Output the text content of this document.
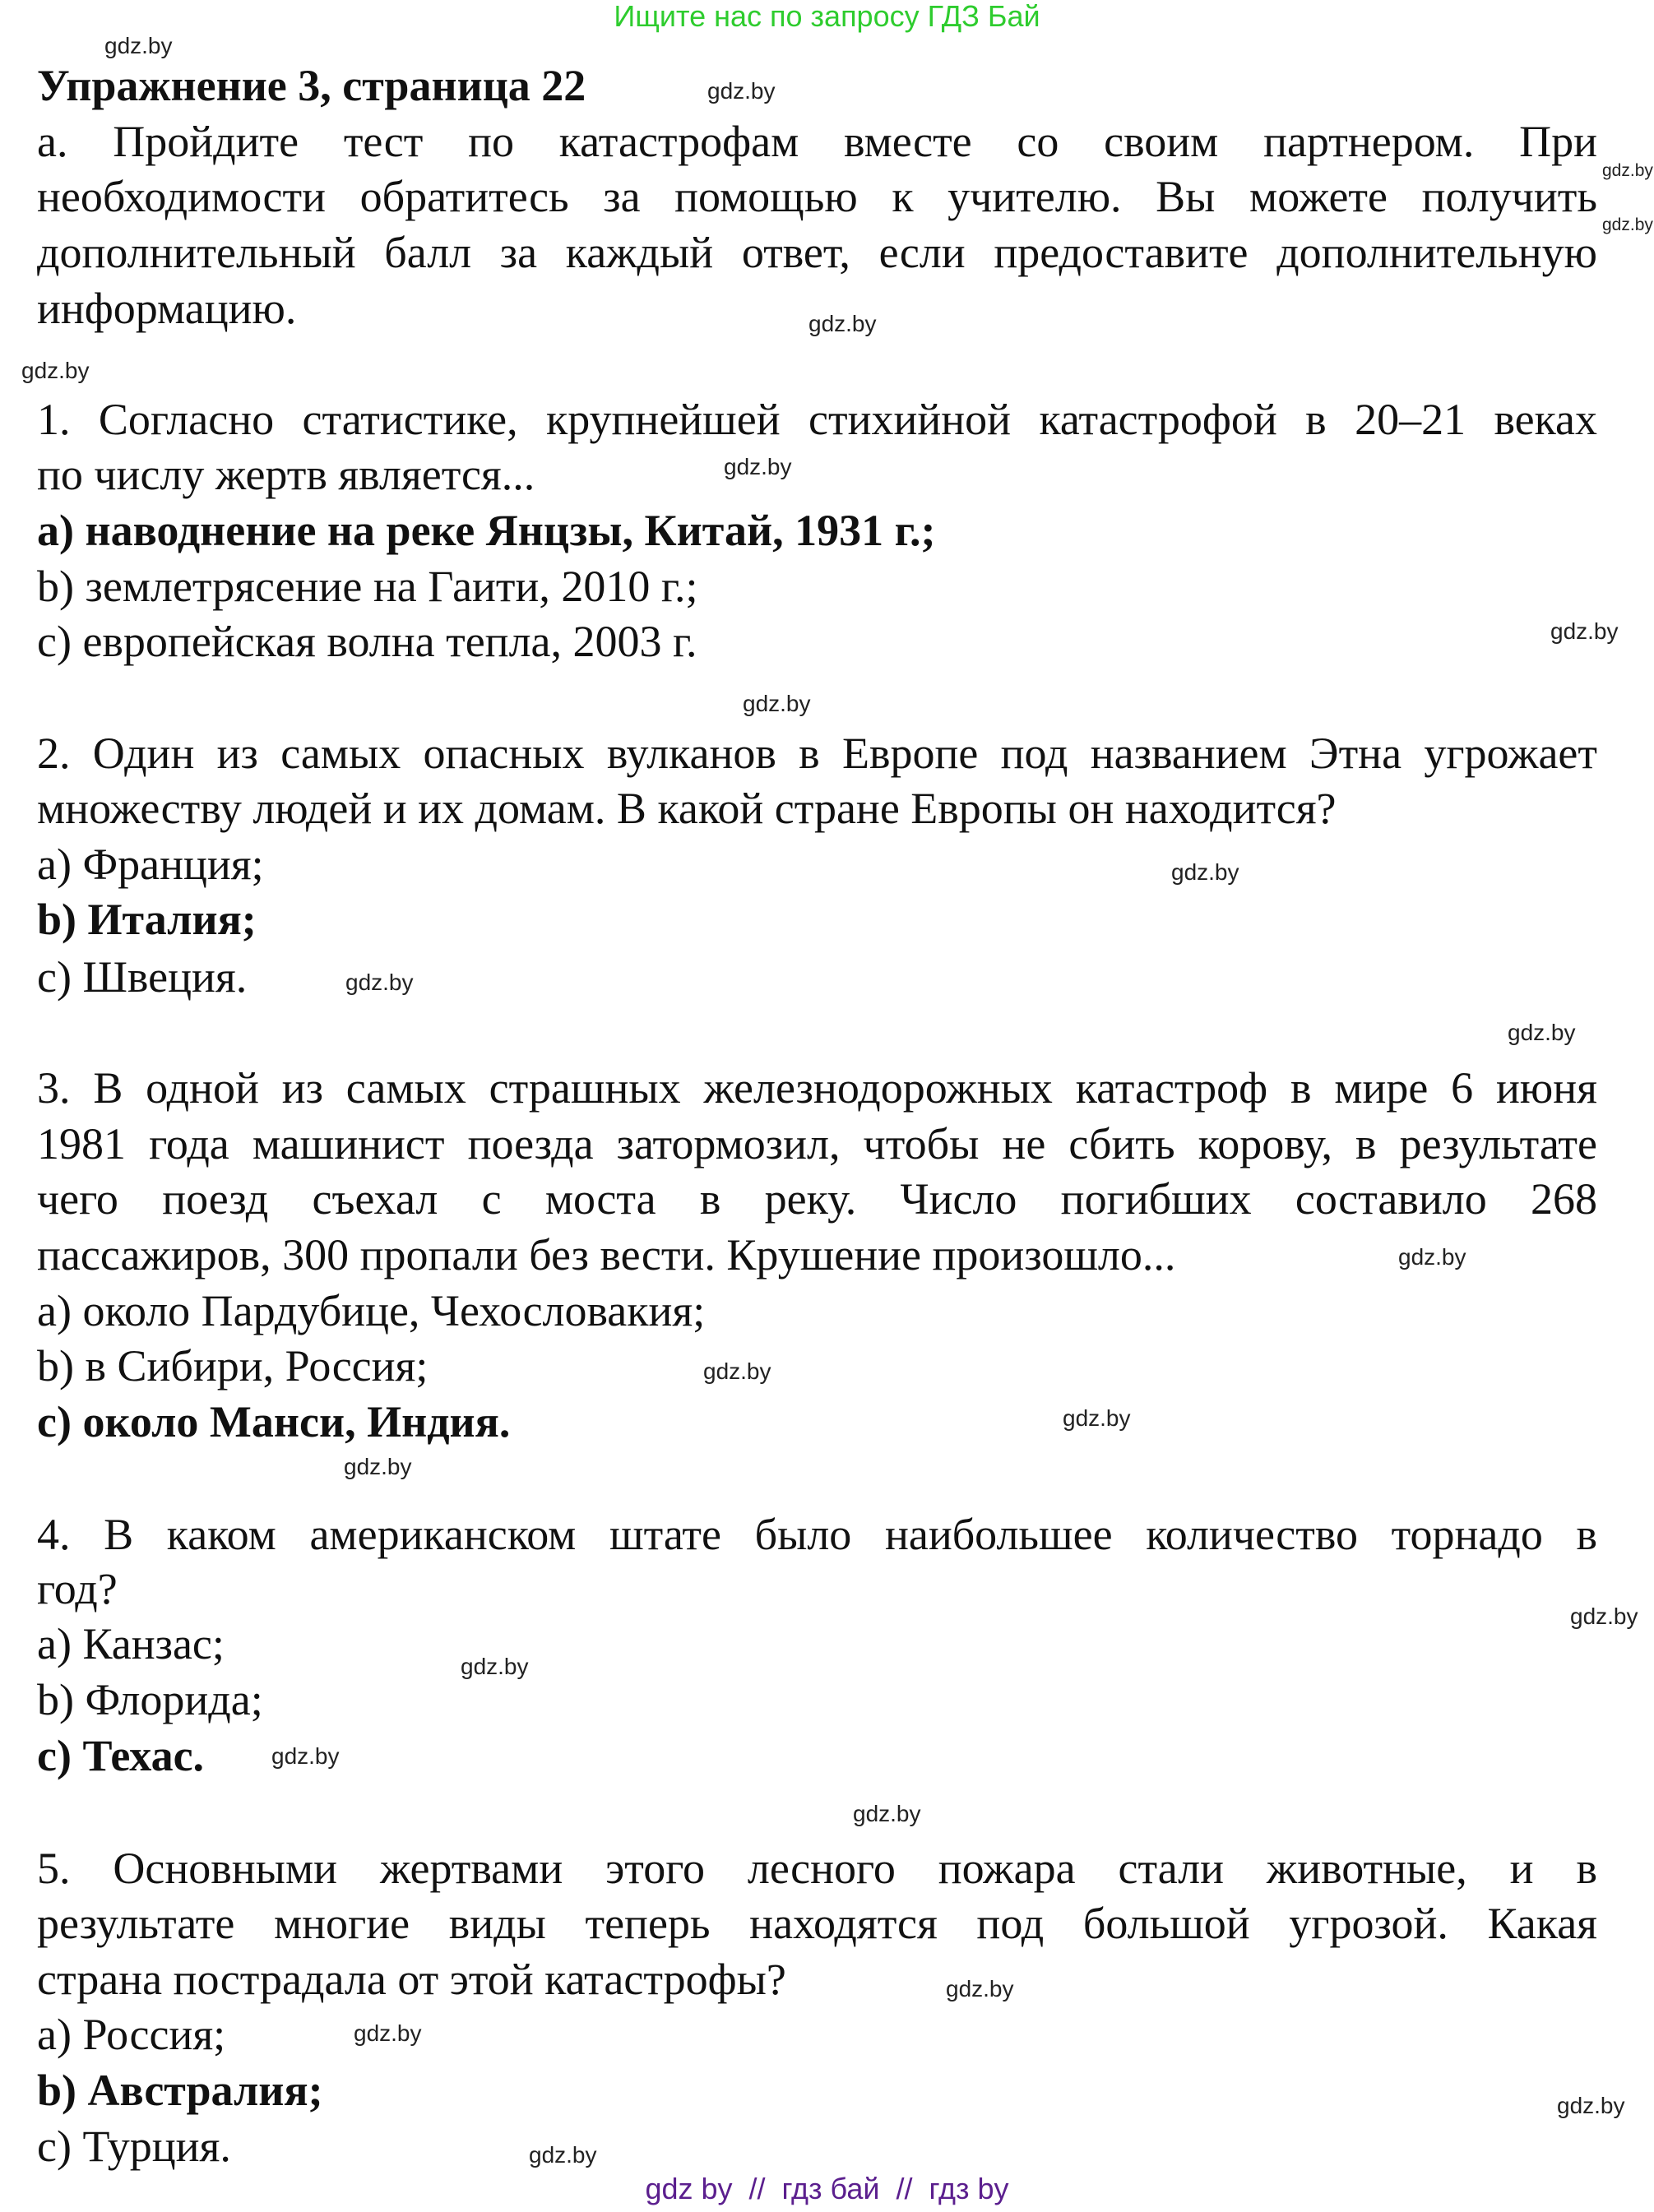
Ищите нас по запросу ГДЗ Бай
Упражнение 3, страница 22
a. Пройдите тест по катастрофам вместе со своим партнером. При
необходимости обратитесь за помощью к учителю. Вы можете получить
дополнительный балл за каждый ответ, если предоставите дополнительную
информацию.
1. Согласно статистике, крупнейшей стихийной катастрофой в 20–21 веках
по числу жертв является...
a) наводнение на реке Янцзы, Китай, 1931 г.;
b) землетрясение на Гаити, 2010 г.;
c) европейская волна тепла, 2003 г.
2. Один из самых опасных вулканов в Европе под названием Этна угрожает
множеству людей и их домам. В какой стране Европы он находится?
a) Франция;
b) Италия;
c) Швеция.
3. В одной из самых страшных железнодорожных катастроф в мире 6 июня
1981 года машинист поезда затормозил, чтобы не сбить корову, в результате
чего поезд съехал с моста в реку. Число погибших составило 268
пассажиров, 300 пропали без вести. Крушение произошло...
a) около Пардубице, Чехословакия;
b) в Сибири, Россия;
c) около Манси, Индия.
4. В каком американском штате было наибольшее количество торнадо в
год?
a) Канзас;
b) Флорида;
c) Техас.
5. Основными жертвами этого лесного пожара стали животные, и в
результате многие виды теперь находятся под большой угрозой. Какая
страна пострадала от этой катастрофы?
a) Россия;
b) Австралия;
c) Турция.
gdz.by
gdz.by
gdz.by
gdz.by
gdz.by
gdz.by
gdz.by
gdz.by
gdz.by
gdz.by
gdz.by
gdz.by
gdz.by
gdz.by
gdz.by
gdz.by
gdz.by
gdz.by
gdz.by
gdz.by
gdz.by
gdz.by
gdz.by
gdz.by
gdz by  //  гдз бай  //  гдз by
